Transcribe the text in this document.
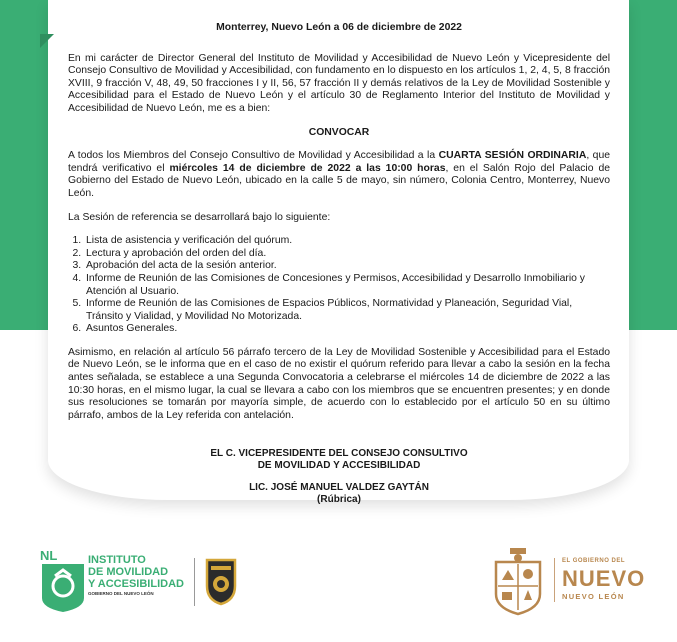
Monterrey, Nuevo León a 06 de diciembre de 2022

En mi carácter de Director General del Instituto de Movilidad y Accesibilidad de Nuevo León y Vicepresidente del Consejo Consultivo de Movilidad y Accesibilidad, con fundamento en lo dispuesto en los artículos 1, 2, 4, 5, 8 fracción XVIII, 9 fracción V, 48, 49, 50 fracciones I y II, 56, 57 fracción II y demás relativos de la Ley de Movilidad Sostenible y Accesibilidad para el Estado de Nuevo León y el artículo 30 de Reglamento Interior del Instituto de Movilidad y Accesibilidad de Nuevo León, me es a bien:

CONVOCAR

A todos los Miembros del Consejo Consultivo de Movilidad y Accesibilidad a la CUARTA SESIÓN ORDINARIA, que tendrá verificativo el miércoles 14 de diciembre de 2022 a las 10:00 horas, en el Salón Rojo del Palacio de Gobierno del Estado de Nuevo León, ubicado en la calle 5 de mayo, sin número, Colonia Centro, Monterrey, Nuevo León.

La Sesión de referencia se desarrollará bajo lo siguiente:

1. Lista de asistencia y verificación del quórum.
2. Lectura y aprobación del orden del día.
3. Aprobación del acta de la sesión anterior.
4. Informe de Reunión de las Comisiones de Concesiones y Permisos, Accesibilidad y Desarrollo Inmobiliario y Atención al Usuario.
5. Informe de Reunión de las Comisiones de Espacios Públicos, Normatividad y Planeación, Seguridad Vial, Tránsito y Vialidad, y Movilidad No Motorizada.
6. Asuntos Generales.

Asimismo, en relación al artículo 56 párrafo tercero de la Ley de Movilidad Sostenible y Accesibilidad para el Estado de Nuevo León, se le informa que en el caso de no existir el quórum referido para llevar a cabo la sesión en la fecha antes señalada, se establece a una Segunda Convocatoria a celebrarse el miércoles 14 de diciembre de 2022 a las 10:30 horas, en el mismo lugar, la cual se llevara a cabo con los miembros que se encuentren presentes; y en donde sus resoluciones se tomarán por mayoría simple, de acuerdo con lo establecido por el artículo 50 en su último párrafo, ambos de la Ley referida con antelación.

EL C. VICEPRESIDENTE DEL CONSEJO CONSULTIVO
DE MOVILIDAD Y ACCESIBILIDAD
LIC. JOSÉ MANUEL VALDEZ GAYTÁN
(Rúbrica)
NL	INSTITUTO
DE MOVILIDAD
Y ACCESIBILIDAD
GOBIERNO DEL NUEVO LEÓN
EL GOBIERNO DEL
NUEVO
NUEVO LEÓN
